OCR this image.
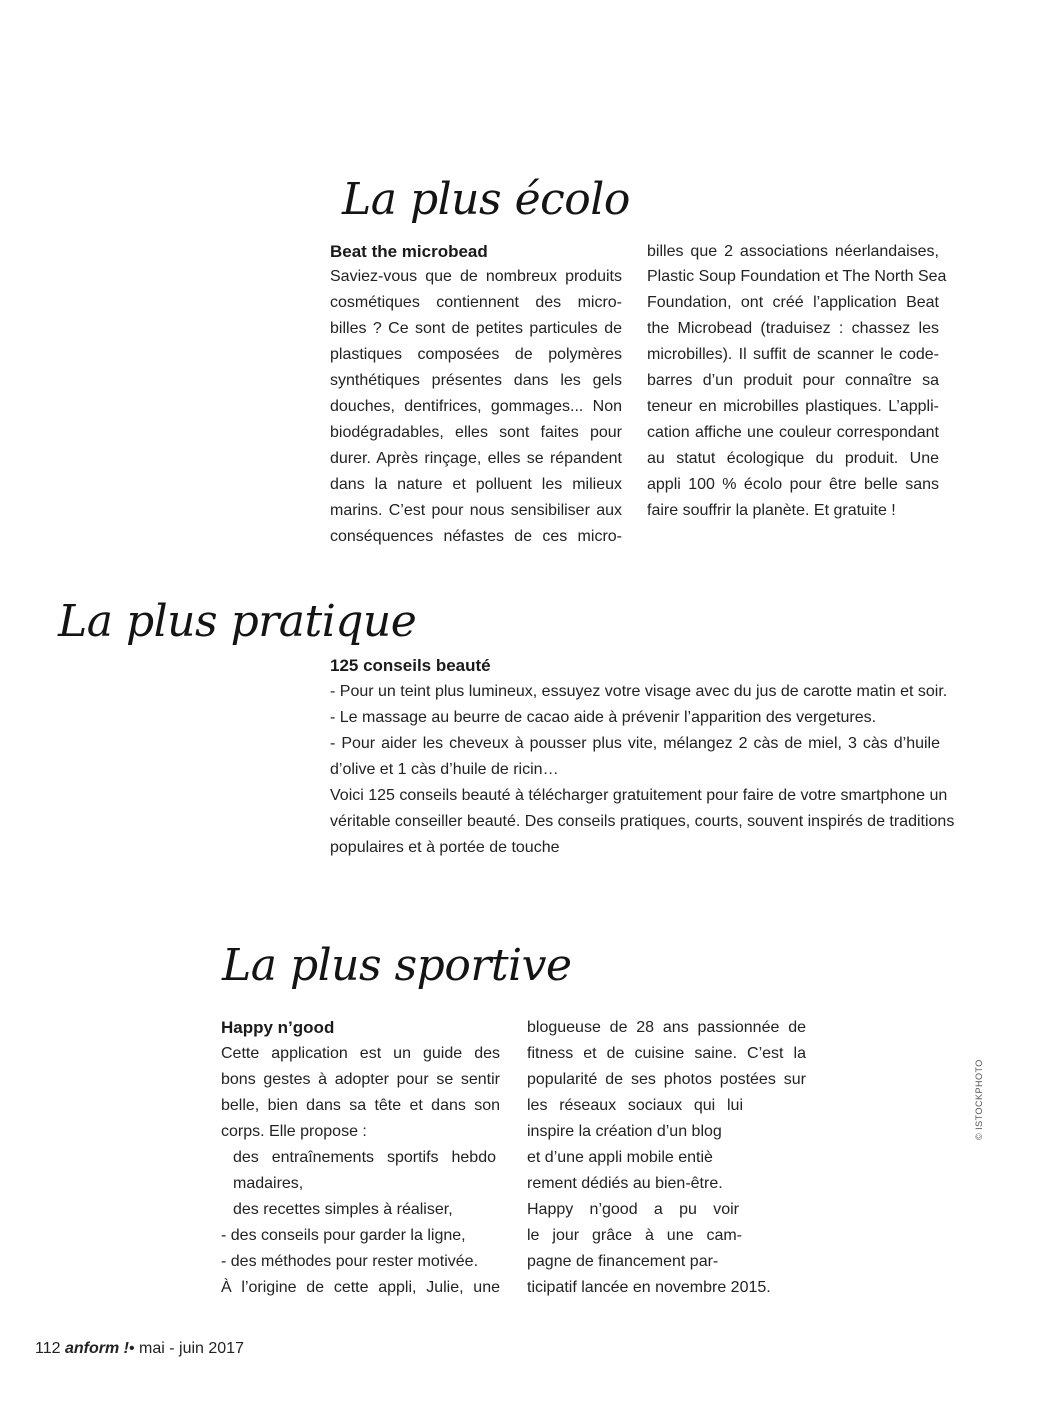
La plus écolo
Beat the microbead

Saviez-vous que de nombreux produits

cosmétiques contiennent des micro-

billes ? Ce sont de petites particules de

plastiques composées de polymères

synthétiques présentes dans les gels

douches, dentifrices, gommages... Non

biodégradables, elles sont faites pour

durer. Après rinçage, elles se répandent

dans la nature et polluent les milieux

marins. C’est pour nous sensibiliser aux

conséquences néfastes de ces micro-

billes que 2 associations néerlandaises,

Plastic Soup Foundation et The North Sea

Foundation, ont créé l’application Beat

the Microbead (traduisez : chassez les

microbilles). Il suffit de scanner le code-

barres d’un produit pour connaître sa

teneur en microbilles plastiques. L’appli-

cation affiche une couleur correspondant

au statut écologique du produit. Une

appli 100 % écolo pour être belle sans

faire souffrir la planète. Et gratuite !

La plus pratique
125 conseils beauté

- Pour un teint plus lumineux, essuyez votre visage avec du jus de carotte matin et soir.

- Le massage au beurre de cacao aide à prévenir l’apparition des vergetures.

- Pour aider les cheveux à pousser plus vite, mélangez 2 càs de miel, 3 càs d’huile

d’olive et 1 càs d’huile de ricin…

Voici 125 conseils beauté à télécharger gratuitement pour faire de votre smartphone un

véritable conseiller beauté. Des conseils pratiques, courts, souvent inspirés de traditions

populaires et à portée de touche

La plus sportive
Happy n’good

Cette application est un guide des

bons gestes à adopter pour se sentir

belle, bien dans sa tête et dans son

corps. Elle propose :

des entraînements sportifs hebdo

madaires,

des recettes simples à réaliser,

- des conseils pour garder la ligne,

- des méthodes pour rester motivée.

À l’origine de cette appli, Julie, une

blogueuse de 28 ans passionnée de

fitness et de cuisine saine. C’est la

popularité de ses photos postées sur

les réseaux sociaux qui lui

inspire la création d’un blog

et d’une appli mobile entiè

rement dédiés au bien-être.

Happy n’good a pu voir

le jour grâce à une cam-

pagne de financement par-

ticipatif lancée en novembre 2015.

© ISTOCKPHOTO
112 anform !• mai - juin 2017
